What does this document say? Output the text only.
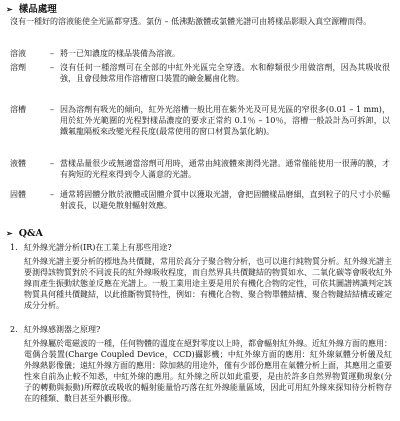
➢ 樣品處理
沒有一種好的溶液能使全光區都穿透。氯仿 – 低沸點激體或氯體光譜可由將樣品影眼入真空源糟而得。
溶液	– 將一已知濃度的樣品裝備為溶液。
溶劑	– 沒有任何一種溶劑可在全部的中紅外光區完全穿透。水和醇類很少用做溶劑，因為其吸收很強，且會侵蝕常用作溶槽窗口裝置的鹼金屬鹵化物。
溶槽	– 因為溶劑有吸光的傾向，紅外光溶槽一般比用在紫外光及可見光區的窄很多(0.01 – 1 mm)，用於紅外光範圍的光程對樣品濃度的要求正常約 0.1％ – 10％，溶槽一般設計為可拆卸，以鐵氟龍隔板來改變光程長度(最常使用的窗口材質為氯化鈉)。
液體	– 當樣品量很少或無適當溶劑可用時，通常由純液體來測得光譜。通常僅能使用一很薄的膜，才有夠短的光程來得到令人滿意的光譜。
固體	– 通常將固體分散於液體或固體介質中以獲取光譜，會把固體樣品磨細，直到粒子的尺寸小於輻射波長，以避免散射輻射效應。
➢ Q&A
1. 紅外線光譜分析(IR)在工業上有那些用途?
紅外線光譜主要分析的標地為共價鍵，常用於高分子聚合物分析，也可以進行純物質分析。紅外線光譜主要測得該物質對於不同波長的紅外線吸收程度，而自然界具共價鍵結的物質如水、二氧化碳等會吸收紅外線而產生振動狀態並反應在光譜上。一般工業用途主要是用於有機化合物的定性，可依其圖譜辨識判定該物質具何種共價鍵結，以此推斷物質特性，例如：有機化合物、聚合物單體結構、聚合物鍵結結構或確定成分分析。
2. 紅外線感測器之原理?
紅外線屬於電磁波的一種，任何物體的溫度在絕對零度以上時，都會輻射紅外線。近紅外線方面的應用：電偶合裝置(Charge Coupled Device，CCD)攝影機；中紅外線方面的應用：紅外線氣體分析儀及紅外線熱影像儀；遠紅外線方面的應用：除加熱的用途外，僅有少部份應用在氣體分析上面，其應用之重要性來自前為止較不知悉，中紅外線的應用。紅外線之所以如此重要，是由於許多自然界物質運動現象(分子的轉動與振動)所釋放或吸收的輻射能量恰巧落在紅外線能量區域，因此可用紅外線來探知待分析物存在的種類、數目甚至外觀形像。
